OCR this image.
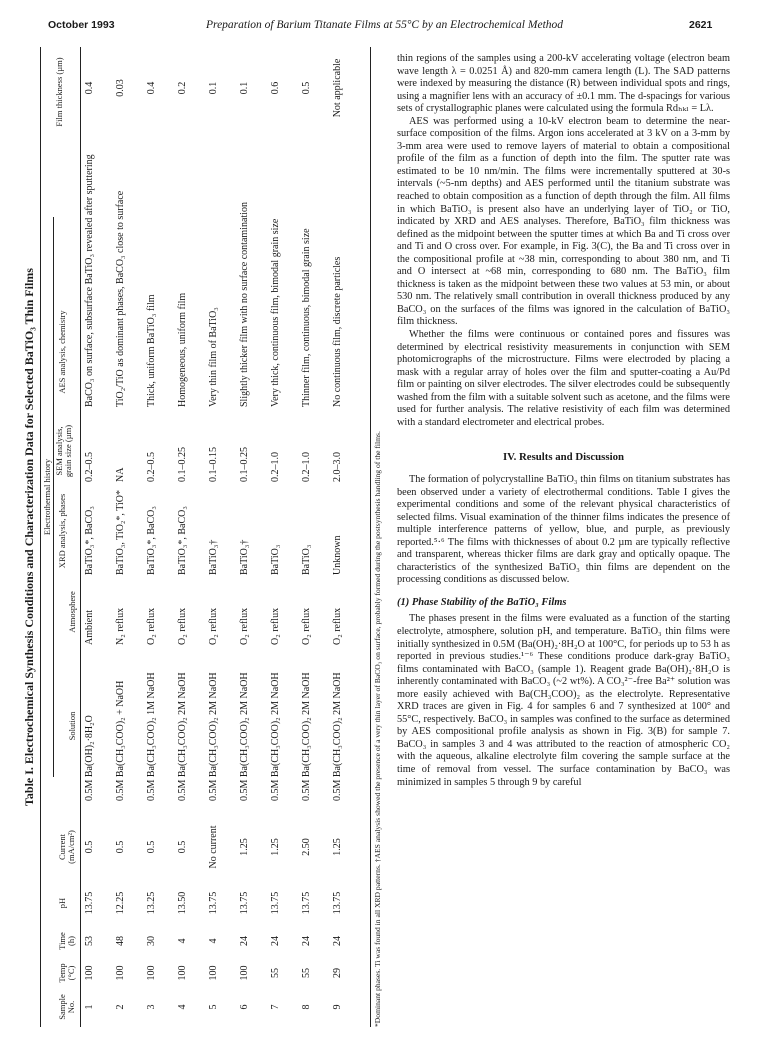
October 1993	Preparation of Barium Titanate Films at 55°C by an Electrochemical Method	2621
Table I. Electrochemical Synthesis Conditions and Characterization Data for Selected BaTiO₃ Thin Films Electrothermal history
Sample No.
Temp (°C)
Time (h)
pH
Current (mA/cm²)
Solution
Atmosphere
XRD analysis, phases
SEM analysis, grain size (µm)
AES analysis, chemistry
Film thickness (µm)
1
100
53
13.75
0.5
0.5M Ba(OH)₂·8H₂O
Ambient
BaTiO₃*, BaCO₃
0.2–0.5
BaCO₃ on surface, subsurface BaTiO₃ revealed after sputtering
0.4
2
100
48
12.25
0.5
0.5M Ba(CH₃COO)₂ + NaOH
N₂ reflux
BaTiO₃, TiO₂*, TiO*
NA
TiO₂/TiO as dominant phases, BaCO₃ close to surface
0.03
3
100
30
13.25
0.5
0.5M Ba(CH₃COO)₂ 1M NaOH
O₂ reflux
BaTiO₃*, BaCO₃
0.2–0.5
Thick, uniform BaTiO₃ film
0.4
4
100
4
13.50
0.5
0.5M Ba(CH₃COO)₂ 2M NaOH
O₂ reflux
BaTiO₃*, BaCO₃
0.1–0.25
Homogeneous, uniform film
0.2
5
100
4
13.75
No current
0.5M Ba(CH₃COO)₂ 2M NaOH
O₂ reflux
BaTiO₃†
0.1–0.15
Very thin film of BaTiO₃
0.1
6
100
24
13.75
1.25
0.5M Ba(CH₃COO)₂ 2M NaOH
O₂ reflux
BaTiO₃†
0.1–0.25
Slightly thicker film with no surface contamination
0.1
7
55
24
13.75
1.25
0.5M Ba(CH₃COO)₂ 2M NaOH
O₂ reflux
BaTiO₃
0.2–1.0
Very thick, continuous film, bimodal grain size
0.6
8
55
24
13.75
2.50
0.5M Ba(CH₃COO)₂ 2M NaOH
O₂ reflux
BaTiO₃
0.2–1.0
Thinner film, continuous, bimodal grain size
0.5
9
29
24
13.75
1.25
0.5M Ba(CH₃COO)₂ 2M NaOH
O₂ reflux
Unknown
2.0–3.0
No continuous film, discrete particles
Not applicable
*Dominant phases. Ti was found in all XRD patterns. †AES analysis showed the presence of a very thin layer of BaCO₃ on surface, probably formed during the postsynthesis handling of the films.

thin regions of the samples using a 200-kV accelerating voltage (electron beam wave length λ = 0.0251 Å) and 820-mm camera length (L). The SAD patterns were indexed by measuring the distance (R) between individual spots and rings, using a magnifier lens with an accuracy of ±0.1 mm. The d-spacings for various sets of crystallographic planes were calculated using the formula Rdₕₖₗ = Lλ.

AES was performed using a 10-kV electron beam to determine the near-surface composition of the films. Argon ions accelerated at 3 kV on a 3-mm by 3-mm area were used to remove layers of material to obtain a compositional profile of the film as a function of depth into the film. The sputter rate was estimated to be 10 nm/min. The films were incrementally sputtered at 30-s intervals (~5-nm depths) and AES performed until the titanium substrate was reached to obtain composition as a function of depth through the film. All films in which BaTiO₃ is present also have an underlying layer of TiO₂ or TiO, indicated by XRD and AES analyses. Therefore, BaTiO₃ film thickness was defined as the midpoint between the sputter times at which Ba and Ti cross over and Ti and O cross over. For example, in Fig. 3(C), the Ba and Ti cross over in the compositional profile at ~38 min, corresponding to about 380 nm, and Ti and O intersect at ~68 min, corresponding to 680 nm. The BaTiO₃ film thickness is taken as the midpoint between these two values at 53 min, or about 530 nm. The relatively small contribution in overall thickness produced by any BaCO₃ on the surfaces of the films was ignored in the calculation of BaTiO₃ film thickness.

Whether the films were continuous or contained pores and fissures was determined by electrical resistivity measurements in conjunction with SEM photomicrographs of the microstructure. Films were electroded by placing a mask with a regular array of holes over the film and sputter-coating a Au/Pd film or painting on silver electrodes. The silver electrodes could be subsequently washed from the film with a suitable solvent such as acetone, and the films were used for further analysis. The relative resistivity of each film was determined with a standard electrometer and electrical probes.

IV. Results and Discussion

The formation of polycrystalline BaTiO₃ thin films on titanium substrates has been observed under a variety of electrothermal conditions. Table I gives the experimental conditions and some of the relevant physical characteristics of selected films. Visual examination of the thinner films indicates the presence of multiple interference patterns of yellow, blue, and purple, as previously reported.⁵⋅⁶ The films with thicknesses of about 0.2 µm are typically reflective and transparent, whereas thicker films are dark gray and optically opaque. The characteristics of the synthesized BaTiO₃ thin films are dependent on the processing conditions as discussed below.

(1) Phase Stability of the BaTiO₃ Films

The phases present in the films were evaluated as a function of the starting electrolyte, atmosphere, solution pH, and temperature. BaTiO₃ thin films were initially synthesized in 0.5M (Ba(OH)₂·8H₂O at 100°C, for periods up to 53 h as reported in previous studies.¹⁻⁶ These conditions produce dark-gray BaTiO₃ films contaminated with BaCO₃ (sample 1). Reagent grade Ba(OH)₂·8H₂O is inherently contaminated with BaCO₃ (~2 wt%). A CO₃²⁻-free Ba²⁺ solution was more easily achieved with Ba(CH₃COO)₂ as the electrolyte. Representative XRD traces are given in Fig. 4 for samples 6 and 7 synthesized at 100° and 55°C, respectively. BaCO₃ in samples was confined to the surface as determined by AES compositional profile analysis as shown in Fig. 3(B) for sample 7. BaCO₃ in samples 3 and 4 was attributed to the reaction of atmospheric CO₂ with the aqueous, alkaline electrolyte film covering the sample surface at the time of removal from vessel. The surface contamination by BaCO₃ was minimized in samples 5 through 9 by careful
